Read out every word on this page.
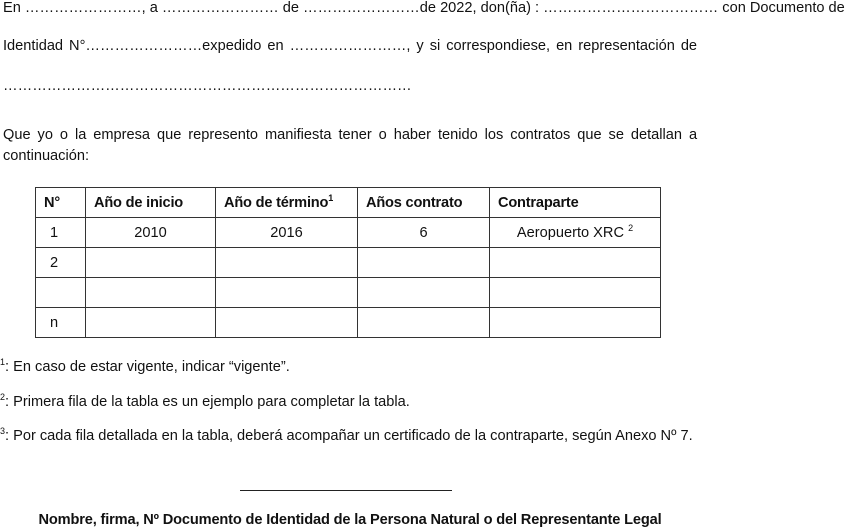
En ……………………, a …………………… de ……………………de 2022, don(ña) : ……………………………… con Documento de
Identidad N°……………………expedido en ……………………, y si correspondiese, en representación de
…………………………………………………………………………
Que yo o la empresa que represento manifiesta tener o haber tenido los contratos que se detallan a
continuación:
N°	Año de inicio	Año de término$^1$	Años contrato	Contraparte
1	2010	2016	6	Aeropuerto XRC $^2$
2				

n				
$^1$: En caso de estar vigente, indicar “vigente”.
$^2$: Primera fila de la tabla es un ejemplo para completar la tabla.
$^3$: Por cada fila detallada en la tabla, deberá acompañar un certificado de la contraparte, según Anexo Nº 7.
Nombre, firma, Nº Documento de Identidad de la Persona Natural o del Representante Legal
